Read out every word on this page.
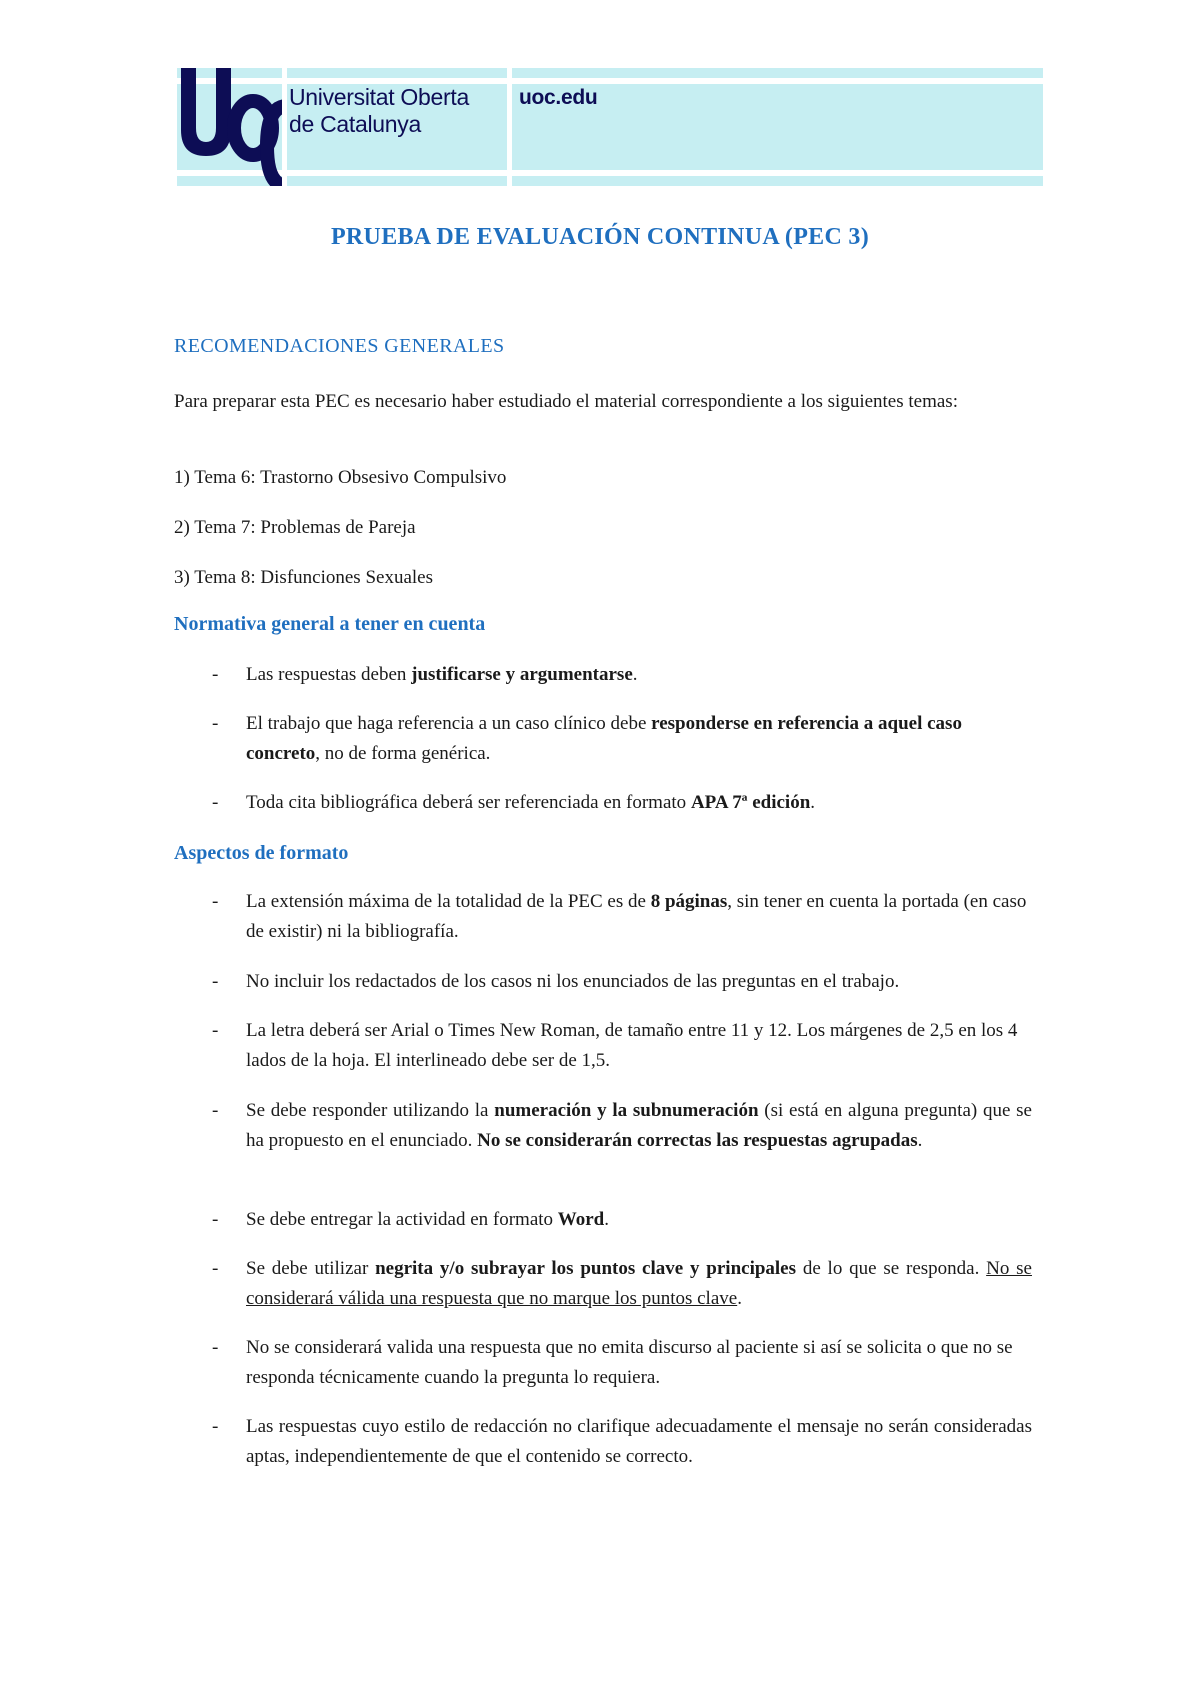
Universitat Oberta
de Catalunya
uoc.edu
PRUEBA DE EVALUACIÓN CONTINUA (PEC 3)
RECOMENDACIONES GENERALES
Para preparar esta PEC es necesario haber estudiado el material correspondiente a los siguientes temas:
1) Tema 6: Trastorno Obsesivo Compulsivo
2) Tema 7: Problemas de Pareja
3) Tema 8: Disfunciones Sexuales
Normativa general a tener en cuenta
- Las respuestas deben justificarse y argumentarse.
- El trabajo que haga referencia a un caso clínico debe responderse en referencia a aquel caso concreto, no de forma genérica.
- Toda cita bibliográfica deberá ser referenciada en formato APA 7ª edición.
Aspectos de formato
- La extensión máxima de la totalidad de la PEC es de 8 páginas, sin tener en cuenta la portada (en caso de existir) ni la bibliografía.
- No incluir los redactados de los casos ni los enunciados de las preguntas en el trabajo.
- La letra deberá ser Arial o Times New Roman, de tamaño entre 11 y 12. Los márgenes de 2,5 en los 4 lados de la hoja. El interlineado debe ser de 1,5.
- Se debe responder utilizando la numeración y la subnumeración (si está en alguna pregunta) que se ha propuesto en el enunciado. No se considerarán correctas las respuestas agrupadas.
- Se debe entregar la actividad en formato Word.
- Se debe utilizar negrita y/o subrayar los puntos clave y principales de lo que se responda. No se considerará válida una respuesta que no marque los puntos clave.
- No se considerará valida una respuesta que no emita discurso al paciente si así se solicita o que no se responda técnicamente cuando la pregunta lo requiera.
- Las respuestas cuyo estilo de redacción no clarifique adecuadamente el mensaje no serán consideradas aptas, independientemente de que el contenido se correcto.
